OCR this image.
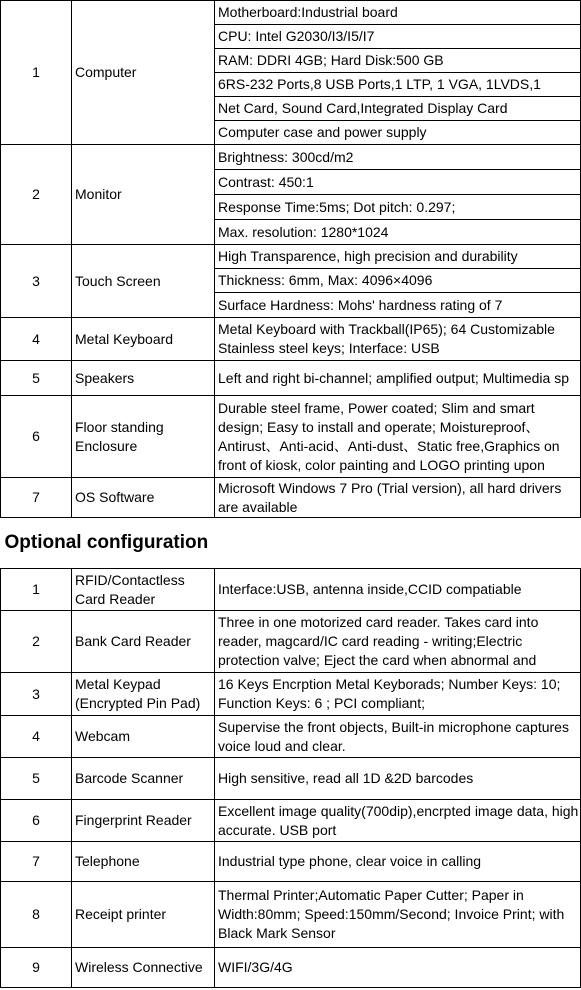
1	Computer	Motherboard:Industrial board
		CPU: Intel G2030/I3/I5/I7
		RAM: DDRI 4GB; Hard Disk:500 GB
		6RS-232 Ports,8 USB Ports,1 LTP, 1 VGA, 1LVDS,1
		Net Card, Sound Card,Integrated Display Card
		Computer case and power supply
2	Monitor	Brightness: 300cd/m2
		Contrast: 450:1
		Response Time:5ms; Dot pitch: 0.297;
		Max. resolution: 1280*1024
3	Touch Screen	High Transparence, high precision and durability
		Thickness: 6mm, Max: 4096×4096
		Surface Hardness: Mohs' hardness rating of 7
4	Metal Keyboard	Metal Keyboard with Trackball(IP65); 64 Customizable Stainless steel keys; Interface: USB
5	Speakers	Left and right bi-channel; amplified output; Multimedia sp
6	Floor standing Enclosure	Durable steel frame, Power coated; Slim and smart design; Easy to install and operate; Moistureproof、Antirust、Anti-acid、Anti-dust、Static free,Graphics on front of kiosk, color painting and LOGO printing upon

7	OS Software	Microsoft Windows 7 Pro (Trial version), all hard drivers are available
Optional configuration		
1	RFID/Contactless Card Reader	Interface:USB, antenna inside,CCID compatiable
2	Bank Card Reader	Three in one motorized card reader. Takes card into reader, magcard/IC card reading - writing;Electric protection valve; Eject the card when abnormal and

3	Metal Keypad (Encrypted Pin Pad)	16 Keys Encrption Metal Keyborads; Number Keys: 10; Function Keys: 6 ; PCI compliant;
4	Webcam	Supervise the front objects, Built-in microphone captures voice loud and clear.
5	Barcode Scanner	High sensitive, read all 1D &2D barcodes
6	Fingerprint Reader	Excellent image quality(700dip),encrpted image data, high accurate. USB port
7	Telephone	Industrial type phone, clear voice in calling
8	Receipt printer	Thermal Printer;Automatic Paper Cutter; Paper in Width:80mm; Speed:150mm/Second; Invoice Print; with Black Mark Sensor
9	Wireless Connective	WIFI/3G/4G
